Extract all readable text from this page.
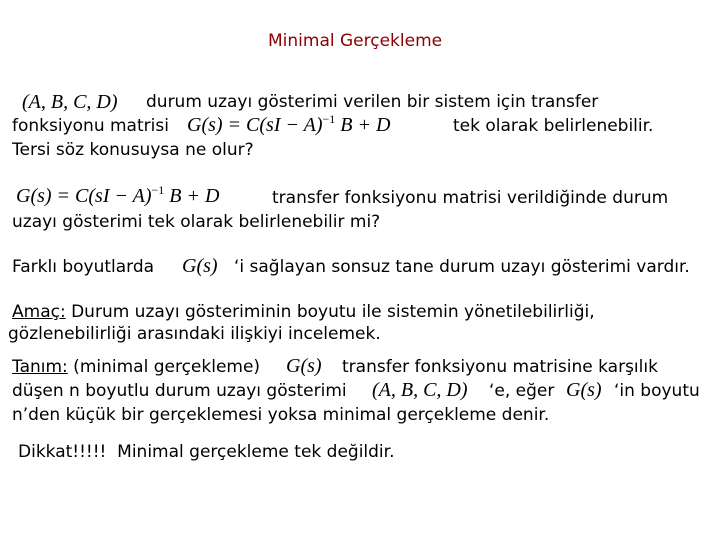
Minimal Gerçekleme
(A, B, C, D) durum uzayı gösterimi verilen bir sistem için transfer
fonksiyonu matrisi G(s) = C(sI − A)$^{-1}$ B + D	tek olarak belirlenebilir.
Tersi söz konusuysa ne olur?
G(s) = C(sI − A)$^{-1}$ B + D	transfer fonksiyonu matrisi verildiğinde durum
uzayı gösterimi tek olarak belirlenebilir mi?
Farklı boyutlarda G(s) ‘i sağlayan sonsuz tane durum uzayı gösterimi vardır.
Amaç: Durum uzayı gösteriminin boyutu ile sistemin yönetilebilirliği,
gözlenebilirliği arasındaki ilişkiyi incelemek.
Tanım: (minimal gerçekleme) G(s) transfer fonksiyonu matrisine karşılık
düşen n boyutlu durum uzayı gösterimi (A, B, C, D) ‘e, eğer G(s) ‘in boyutu
n’den küçük bir gerçeklemesi yoksa minimal gerçekleme denir.
Dikkat!!!!!  Minimal gerçekleme tek değildir.
